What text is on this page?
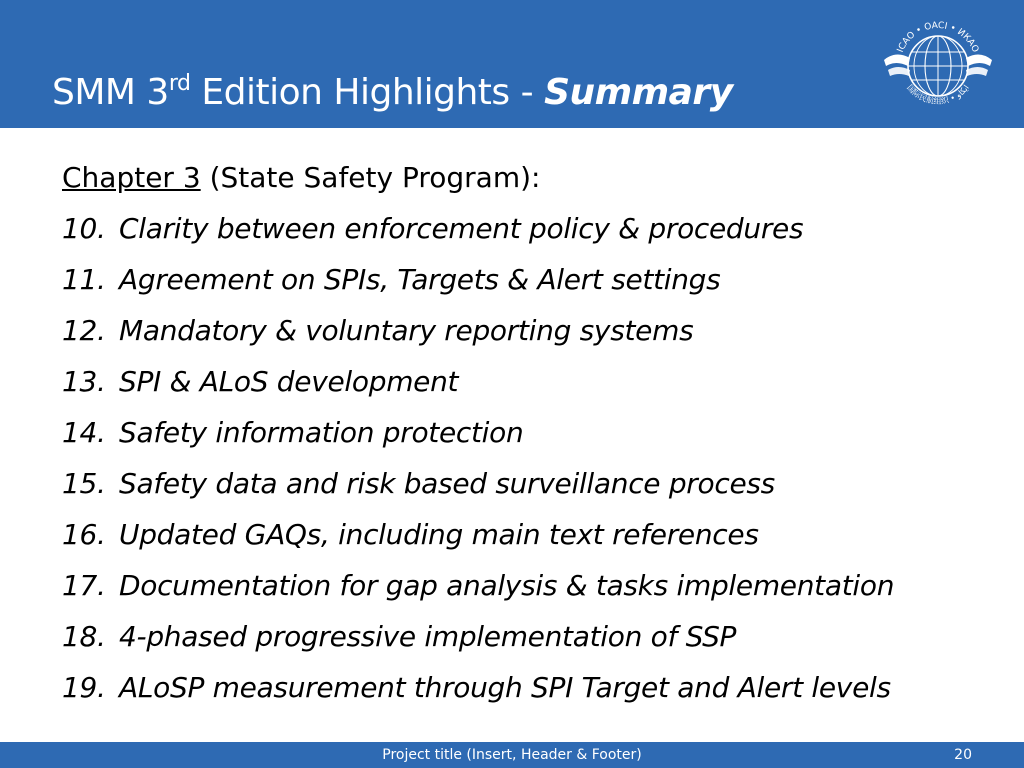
SMM 3rd Edition Highlights - Summary
ICAO • OACI • ИКАО
国际民航组织 • ايكاو
Chapter 3 (State Safety Program):
10. Clarity between enforcement policy & procedures
11. Agreement on SPIs, Targets & Alert settings
12. Mandatory & voluntary reporting systems
13. SPI & ALoS development
14. Safety information protection
15. Safety data and risk based surveillance process
16. Updated GAQs, including main text references
17. Documentation for gap analysis & tasks implementation
18. 4-phased progressive implementation of SSP
19. ALoSP measurement through SPI Target and Alert levels
Project title (Insert, Header & Footer)	20
